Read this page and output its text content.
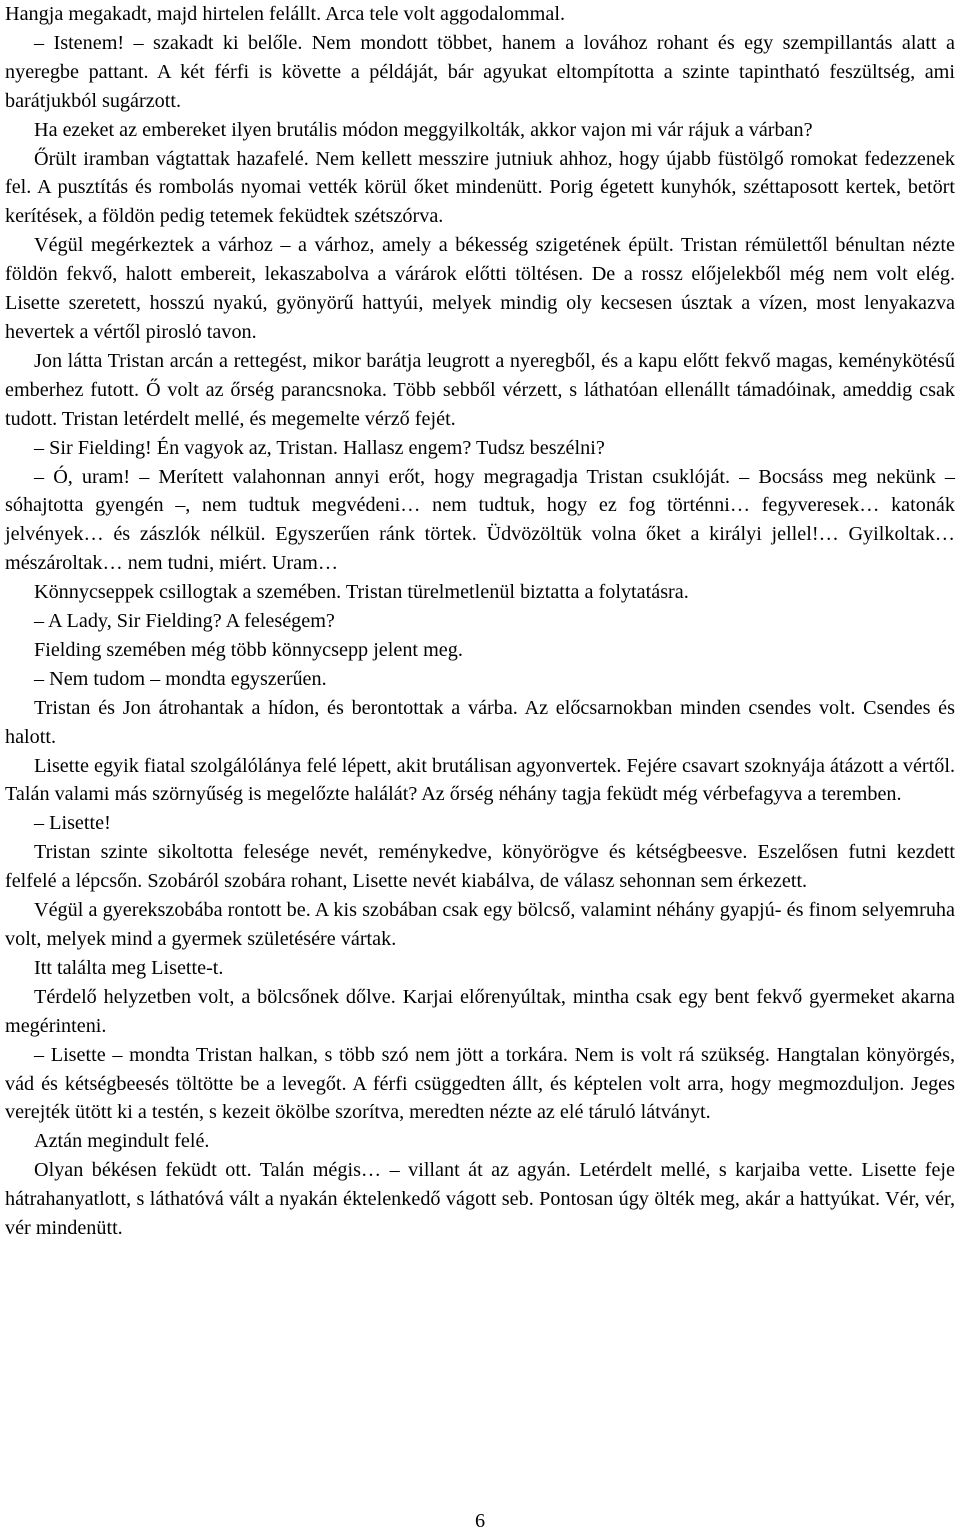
Hangja megakadt, majd hirtelen felállt. Arca tele volt aggodalommal.

– Istenem! – szakadt ki belőle. Nem mondott többet, hanem a lovához rohant és egy szempillantás alatt a nyeregbe pattant. A két férfi is követte a példáját, bár agyukat eltompította a szinte tapintható feszültség, ami barátjukból sugárzott.

Ha ezeket az embereket ilyen brutális módon meggyilkolták, akkor vajon mi vár rájuk a várban?

Őrült iramban vágtattak hazafelé. Nem kellett messzire jutniuk ahhoz, hogy újabb füstölgő romokat fedezzenek fel. A pusztítás és rombolás nyomai vették körül őket mindenütt. Porig égetett kunyhók, széttaposott kertek, betört kerítések, a földön pedig tetemek feküdtek szétszórva.

Végül megérkeztek a várhoz – a várhoz, amely a békesség szigetének épült. Tristan rémülettől bénultan nézte földön fekvő, halott embereit, lekaszabolva a várárok előtti töltésen. De a rossz előjelekből még nem volt elég. Lisette szeretett, hosszú nyakú, gyönyörű hattyúi, melyek mindig oly kecsesen úsztak a vízen, most lenyakazva hevertek a vértől piroslό tavon.

Jon látta Tristan arcán a rettegést, mikor barátja leugrott a nyeregből, és a kapu előtt fekvő magas, keménykötésű emberhez futott. Ő volt az őrség parancsnoka. Több sebből vérzett, s láthatóan ellenállt támadóinak, ameddig csak tudott. Tristan letérdelt mellé, és megemelte vérző fejét.

– Sir Fielding! Én vagyok az, Tristan. Hallasz engem? Tudsz beszélni?

– Ó, uram! – Merített valahonnan annyi erőt, hogy megragadja Tristan csuklóját. – Bocsáss meg nekünk – sóhajtotta gyengén –, nem tudtuk megvédeni… nem tudtuk, hogy ez fog történni… fegyveresek… katonák jelvények… és zászlók nélkül. Egyszerűen ránk törtek. Üdvözöltük volna őket a királyi jellel!… Gyilkoltak… mészároltak… nem tudni, miért. Uram…

Könnycseppek csillogtak a szemében. Tristan türelmetlenül biztatta a folytatásra.

– A Lady, Sir Fielding? A feleségem?

Fielding szemében még több könnycsepp jelent meg.

– Nem tudom – mondta egyszerűen.

Tristan és Jon átrohantak a hídon, és berontottak a várba. Az előcsarnokban minden csendes volt. Csendes és halott.

Lisette egyik fiatal szolgálólánya felé lépett, akit brutálisan agyonvertek. Fejére csavart szoknyája átázott a vértől. Talán valami más szörnyűség is megelőzte halálát? Az őrség néhány tagja feküdt még vérbefagyva a teremben.

– Lisette!

Tristan szinte sikoltotta felesége nevét, reménykedve, könyörögve és kétségbeesve. Eszelősen futni kezdett felfelé a lépcsőn. Szobáról szobára rohant, Lisette nevét kiabálva, de válasz sehonnan sem érkezett.

Végül a gyerekszobába rontott be. A kis szobában csak egy bölcső, valamint néhány gyapjú- és finom selyemruha volt, melyek mind a gyermek születésére vártak.

Itt találta meg Lisette-t.

Térdelő helyzetben volt, a bölcsőnek dőlve. Karjai előrenyúltak, mintha csak egy bent fekvő gyermeket akarna megérinteni.

– Lisette – mondta Tristan halkan, s több szó nem jött a torkára. Nem is volt rá szükség. Hangtalan könyörgés, vád és kétségbeesés töltötte be a levegőt. A férfi csüggedten állt, és képtelen volt arra, hogy megmozduljon. Jeges verejték ütött ki a testén, s kezeit ökölbe szorítva, meredten nézte az elé táruló látványt.

Aztán megindult felé.

Olyan békésen feküdt ott. Talán mégis… – villant át az agyán. Letérdelt mellé, s karjaiba vette. Lisette feje hátrahanyatlott, s láthatóvá vált a nyakán éktelenkedő vágott seb. Pontosan úgy ölték meg, akár a hattyúkat. Vér, vér, vér mindenütt.

6
